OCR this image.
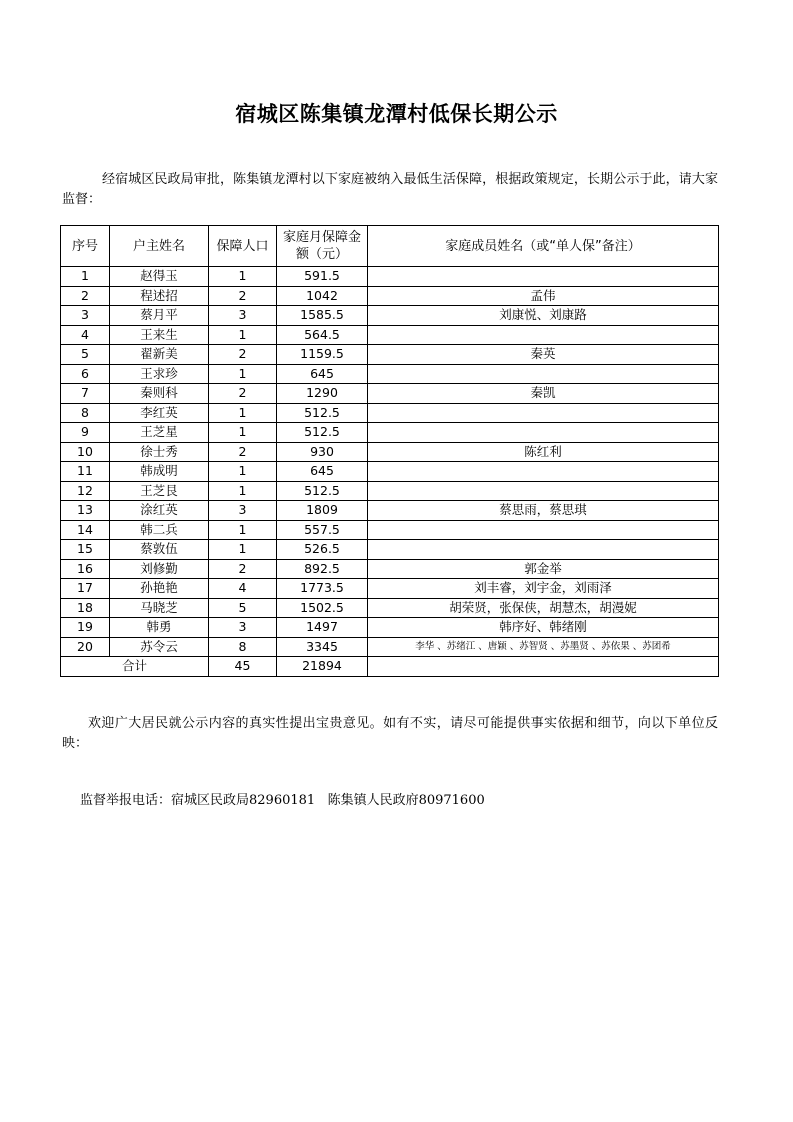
宿城区陈集镇龙潭村低保长期公示
经宿城区民政局审批，陈集镇龙潭村以下家庭被纳入最低生活保障，根据政策规定，长期公示于此，请大家监督：
序号	户主姓名	保障人口	家庭月保障金额（元）	家庭成员姓名（或“单人保”备注）
1	赵得玉	1	591.5	
2	程述招	2	1042	孟伟
3	蔡月平	3	1585.5	刘康悦、刘康路
4	王来生	1	564.5	
5	翟新美	2	1159.5	秦英
6	王求珍	1	645	
7	秦则科	2	1290	秦凯
8	李红英	1	512.5	
9	王芝星	1	512.5	
10	徐士秀	2	930	陈红利
11	韩成明	1	645	
12	王芝艮	1	512.5	
13	涂红英	3	1809	蔡思雨，蔡思琪
14	韩二兵	1	557.5	
15	蔡敦伍	1	526.5	
16	刘修勤	2	892.5	郭金举
17	孙艳艳	4	1773.5	刘丰睿，刘宇金，刘雨泽
18	马晓芝	5	1502.5	胡荣贤，张保侠，胡慧杰，胡漫妮
19	韩勇	3	1497	韩序好、韩绪刚
20	苏令云	8	3345	李华 、苏绪江 、唐颖 、苏智贤 、苏墨贤 、苏依果 、苏团希
合计		45	21894	
欢迎广大居民就公示内容的真实性提出宝贵意见。如有不实，请尽可能提供事实依据和细节，向以下单位反映：
监督举报电话：宿城区民政局82960181   陈集镇人民政府80971600
